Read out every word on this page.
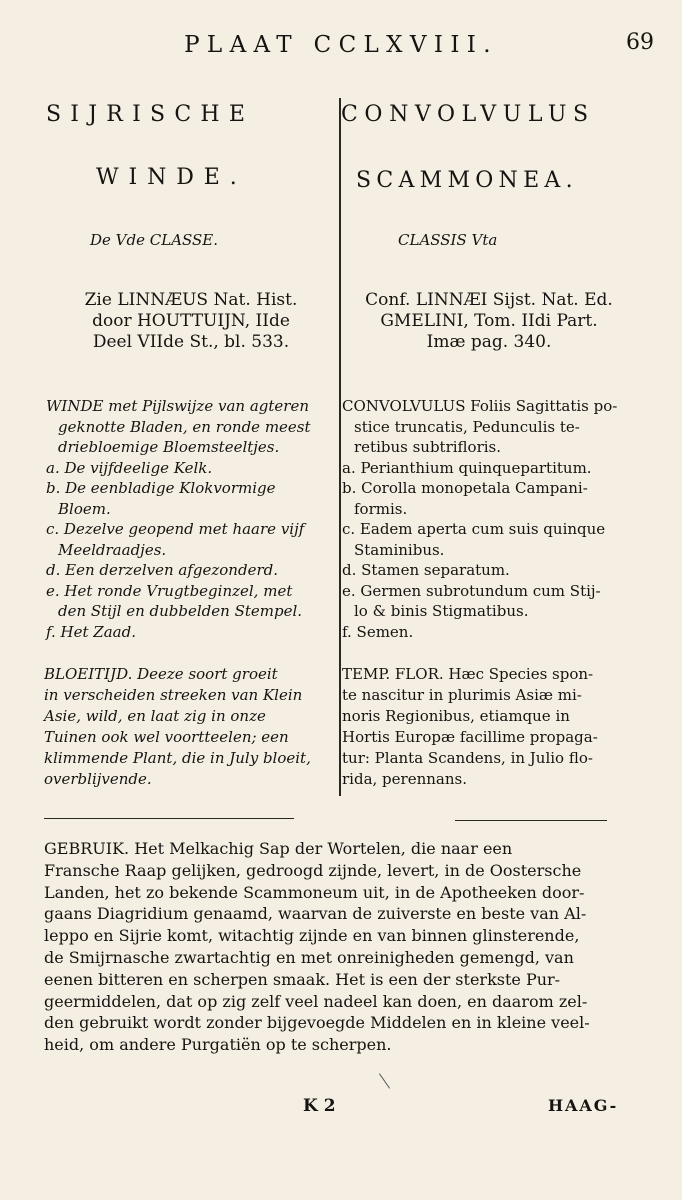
PLAAT CCLXVIII.	69
SIJRISCHE	CONVOLVULUS
WINDE.	SCAMMONEA.
De Vde CLASSE.	CLASSIS Vta
Zie LINNÆUS Nat. Hist.
door HOUTTUIJN, IIde
Deel VIIde St., bl. 533.
Conf. LINNÆI Sijst. Nat. Ed.
GMELINI, Tom. IIdi Part.
Imæ pag. 340.
WINDE met Pijlswijze van agteren
geknotte Bladen, en ronde meest
driebloemige Bloemsteeltjes.
a. De vijfdeelige Kelk.
b. De eenbladige Klokvormige
Bloem.
c. Dezelve geopend met haare vijf
Meeldraadjes.
d. Een derzelven afgezonderd.
e. Het ronde Vrugtbeginzel, met
den Stijl en dubbelden Stempel.
f. Het Zaad.
CONVOLVULUS Foliis Sagittatis po-
stice truncatis, Pedunculis te-
retibus subtrifloris.
a. Perianthium quinquepartitum.
b. Corolla monopetala Campani-
formis.
c. Eadem aperta cum suis quinque
Staminibus.
d. Stamen separatum.
e. Germen subrotundum cum Stij-
lo & binis Stigmatibus.
f. Semen.
BLOEITIJD. Deeze soort groeit
in verscheiden streeken van Klein
Asie, wild, en laat zig in onze
Tuinen ook wel voortteelen; een
klimmende Plant, die in July bloeit,
overblijvende.
TEMP. FLOR. Hæc Species spon-
te nascitur in plurimis Asiæ mi-
noris Regionibus, etiamque in
Hortis Europæ facillime propaga-
tur: Planta Scandens, in Julio flo-
rida, perennans.
GEBRUIK. Het Melkachig Sap der Wortelen, die naar een
Fransche Raap gelijken, gedroogd zijnde, levert, in de Oostersche
Landen, het zo bekende Scammoneum uit, in de Apotheeken door-
gaans Diagridium genaamd, waarvan de zuiverste en beste van Al-
leppo en Sijrie komt, witachtig zijnde en van binnen glinsterende,
de Smijrnasche zwartachtig en met onreinigheden gemengd, van
eenen bitteren en scherpen smaak. Het is een der sterkste Pur-
geermiddelen, dat op zig zelf veel nadeel kan doen, en daarom zel-
den gebruikt wordt zonder bijgevoegde Middelen en in kleine veel-
heid, om andere Purgatiën op te scherpen.
K 2	HAAG-
